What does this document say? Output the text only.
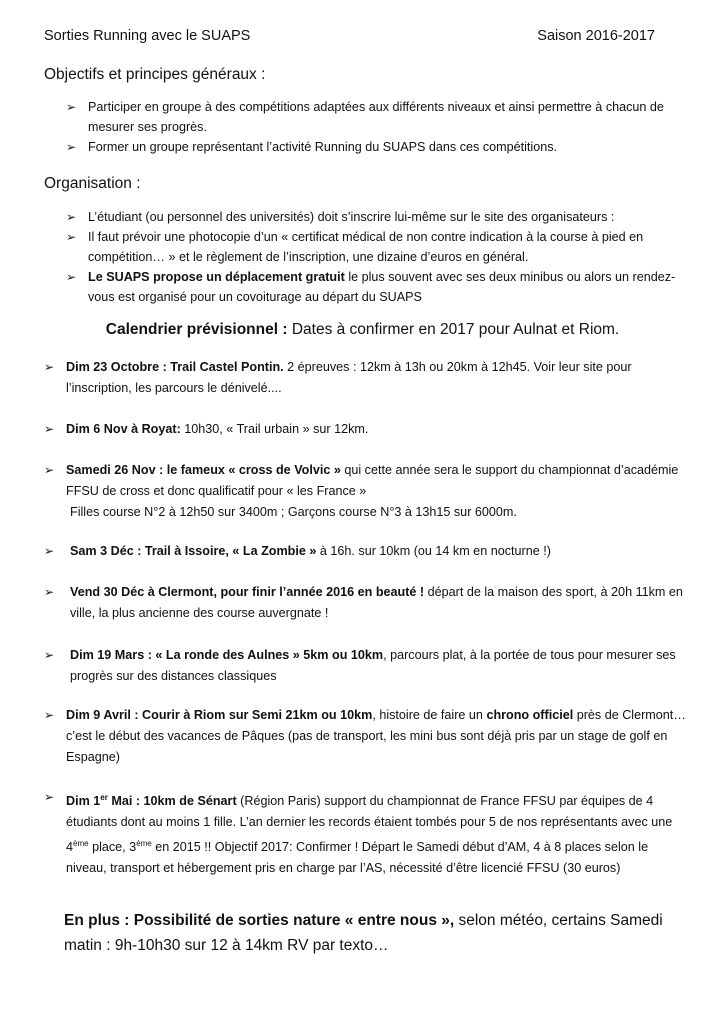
Sorties Running avec le SUAPS	Saison 2016-2017
Objectifs et principes généraux :
➢ Participer en groupe à des compétitions adaptées aux différents niveaux et ainsi permettre à chacun de mesurer ses progrès.
➢ Former un groupe représentant l’activité Running du SUAPS dans ces compétitions.
Organisation :
➢ L’étudiant (ou personnel des universités) doit s’inscrire lui-même sur le site des organisateurs :
➢ Il faut prévoir une photocopie d’un « certificat médical de non contre indication à la course à pied en compétition… » et le règlement de l’inscription, une dizaine d’euros en général.
➢ Le SUAPS propose un déplacement gratuit le plus souvent avec ses deux minibus ou alors un rendez-vous est organisé pour un covoiturage au départ du SUAPS
Calendrier prévisionnel : Dates à confirmer en 2017 pour Aulnat et Riom.
➢ Dim 23 Octobre : Trail Castel Pontin. 2 épreuves : 12km à 13h ou 20km à 12h45. Voir leur site pour l’inscription, les parcours le dénivelé....
➢ Dim 6 Nov à Royat: 10h30, « Trail urbain » sur 12km.
➢ Samedi 26 Nov : le fameux « cross de Volvic » qui cette année sera le support du championnat d’académie FFSU de cross et donc qualificatif pour « les France »
Filles course N°2 à 12h50 sur 3400m ; Garçons course N°3 à 13h15 sur 6000m.
➢	Sam 3 Déc : Trail à Issoire, « La Zombie » à 16h. sur 10km (ou 14 km en nocturne !)
➢	Vend 30 Déc à Clermont, pour finir l’année 2016 en beauté ! départ de la maison des sport, à 20h 11km en ville, la plus ancienne des course auvergnate !
➢	Dim 19 Mars : « La ronde des Aulnes » 5km ou 10km, parcours plat, à la portée de tous pour mesurer ses progrès sur des distances classiques
➢ Dim 9 Avril : Courir à Riom sur Semi 21km ou 10km, histoire de faire un chrono officiel près de Clermont…c’est le début des vacances de Pâques (pas de transport, les mini bus sont déjà pris par un stage de golf en Espagne)
➢ Dim 1er Mai : 10km de Sénart (Région Paris) support du championnat de France FFSU par équipes de 4 étudiants dont au moins 1 fille. L’an dernier les records étaient tombés pour 5 de nos représentants avec une 4ème place, 3ème en 2015 !! Objectif 2017: Confirmer ! Départ le Samedi début d’AM, 4 à 8 places selon le niveau, transport et hébergement pris en charge par l’AS, nécessité d’être licencié FFSU (30 euros)
En plus : Possibilité de sorties nature « entre nous », selon météo, certains Samedi matin : 9h-10h30 sur 12 à 14km RV par texto…
